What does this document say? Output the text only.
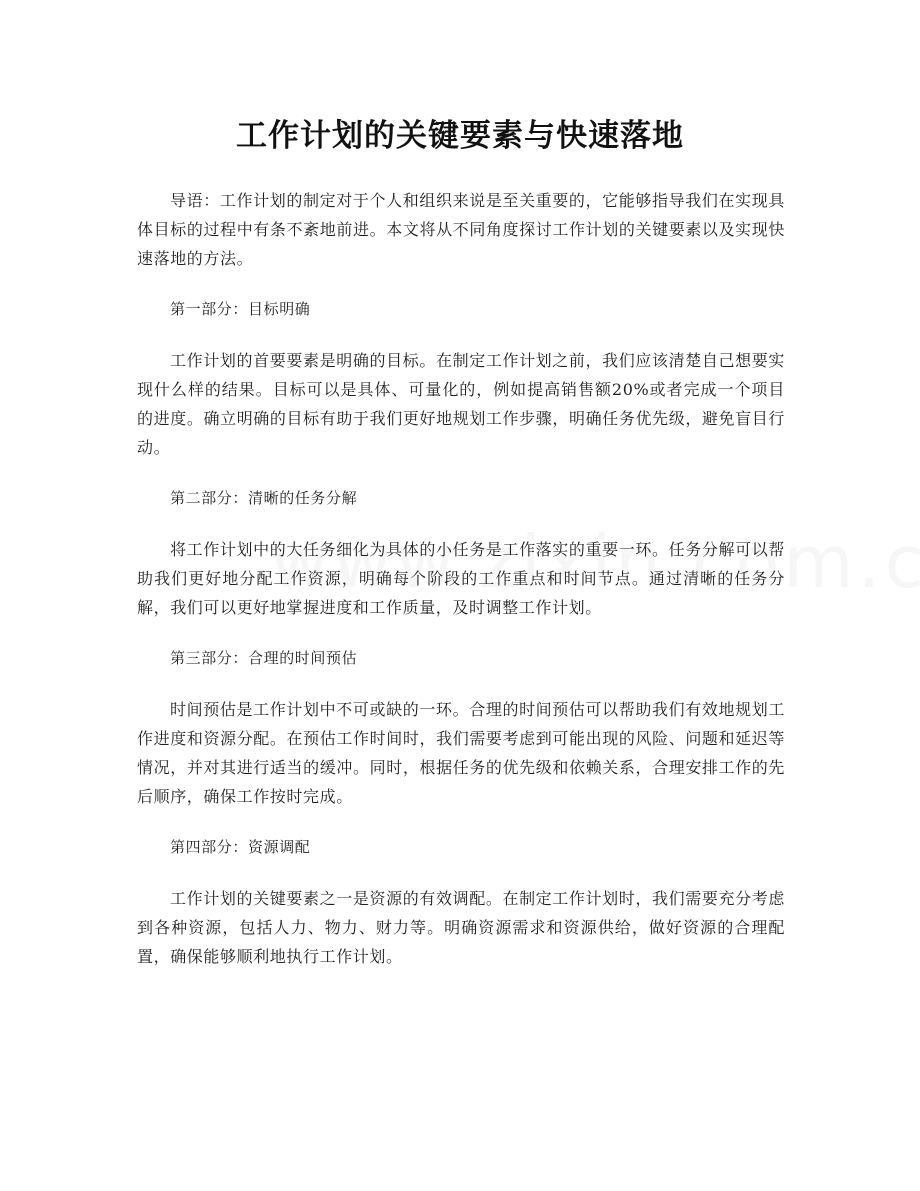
工作计划的关键要素与快速落地

导语：工作计划的制定对于个人和组织来说是至关重要的，它能够指导我们在实现具体目标的过程中有条不紊地前进。本文将从不同角度探讨工作计划的关键要素以及实现快速落地的方法。

第一部分：目标明确

工作计划的首要要素是明确的目标。在制定工作计划之前，我们应该清楚自己想要实现什么样的结果。目标可以是具体、可量化的，例如提高销售额20%或者完成一个项目的进度。确立明确的目标有助于我们更好地规划工作步骤，明确任务优先级，避免盲目行动。

第二部分：清晰的任务分解

将工作计划中的大任务细化为具体的小任务是工作落实的重要一环。任务分解可以帮助我们更好地分配工作资源，明确每个阶段的工作重点和时间节点。通过清晰的任务分解，我们可以更好地掌握进度和工作质量，及时调整工作计划。

第三部分：合理的时间预估

时间预估是工作计划中不可或缺的一环。合理的时间预估可以帮助我们有效地规划工作进度和资源分配。在预估工作时间时，我们需要考虑到可能出现的风险、问题和延迟等情况，并对其进行适当的缓冲。同时，根据任务的优先级和依赖关系，合理安排工作的先后顺序，确保工作按时完成。

第四部分：资源调配

工作计划的关键要素之一是资源的有效调配。在制定工作计划时，我们需要充分考虑到各种资源，包括人力、物力、财力等。明确资源需求和资源供给，做好资源的合理配置，确保能够顺利地执行工作计划。
